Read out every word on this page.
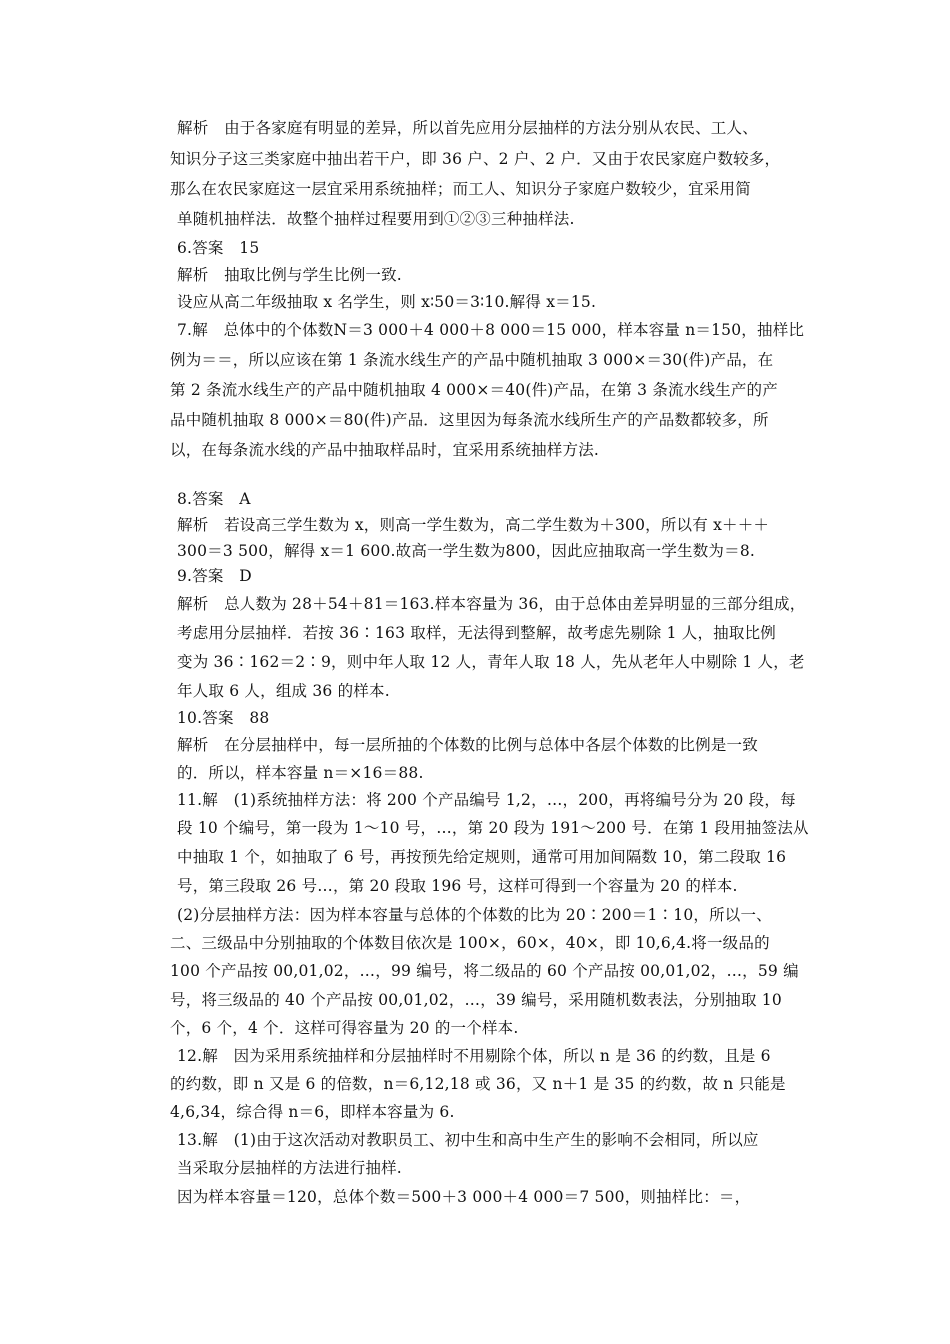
解析　由于各家庭有明显的差异，所以首先应用分层抽样的方法分别从农民、工人、
知识分子这三类家庭中抽出若干户，即 36 户、2 户、2 户．又由于农民家庭户数较多，
那么在农民家庭这一层宜采用系统抽样；而工人、知识分子家庭户数较少，宜采用简
单随机抽样法．故整个抽样过程要用到①②③三种抽样法.
6.答案　15
解析　抽取比例与学生比例一致.
设应从高二年级抽取 x 名学生，则 x∶50＝3∶10.解得 x＝15.
7.解　总体中的个体数N＝3 000＋4 000＋8 000＝15 000，样本容量 n＝150，抽样比
例为＝＝，所以应该在第 1 条流水线生产的产品中随机抽取 3 000×＝30(件)产品，在
第 2 条流水线生产的产品中随机抽取 4 000×＝40(件)产品，在第 3 条流水线生产的产
品中随机抽取 8 000×＝80(件)产品．这里因为每条流水线所生产的产品数都较多，所
以，在每条流水线的产品中抽取样品时，宜采用系统抽样方法.
8.答案　A
解析　若设高三学生数为 x，则高一学生数为，高二学生数为＋300，所以有 x＋＋＋
300＝3 500，解得 x＝1 600.故高一学生数为800，因此应抽取高一学生数为＝8.
9.答案　D
解析　总人数为 28＋54＋81＝163.样本容量为 36，由于总体由差异明显的三部分组成，
考虑用分层抽样．若按 36∶163 取样，无法得到整解，故考虑先剔除 1 人，抽取比例
变为 36∶162＝2∶9，则中年人取 12 人，青年人取 18 人，先从老年人中剔除 1 人，老
年人取 6 人，组成 36 的样本.
10.答案　88
解析　在分层抽样中，每一层所抽的个体数的比例与总体中各层个体数的比例是一致
的．所以，样本容量 n＝×16＝88.
11.解　(1)系统抽样方法：将 200 个产品编号 1,2，…，200，再将编号分为 20 段，每
段 10 个编号，第一段为 1～10 号，…，第 20 段为 191～200 号．在第 1 段用抽签法从
中抽取 1 个，如抽取了 6 号，再按预先给定规则，通常可用加间隔数 10，第二段取 16
号，第三段取 26 号…，第 20 段取 196 号，这样可得到一个容量为 20 的样本.
(2)分层抽样方法：因为样本容量与总体的个体数的比为 20∶200＝1∶10，所以一、
二、三级品中分别抽取的个体数目依次是 100×，60×，40×，即 10,6,4.将一级品的
100 个产品按 00,01,02，…，99 编号，将二级品的 60 个产品按 00,01,02，…，59 编
号，将三级品的 40 个产品按 00,01,02，…，39 编号，采用随机数表法，分别抽取 10
个，6 个，4 个．这样可得容量为 20 的一个样本.
12.解　因为采用系统抽样和分层抽样时不用剔除个体，所以 n 是 36 的约数，且是 6
的约数，即 n 又是 6 的倍数，n＝6,12,18 或 36，又 n＋1 是 35 的约数，故 n 只能是
4,6,34，综合得 n＝6，即样本容量为 6.
13.解　(1)由于这次活动对教职员工、初中生和高中生产生的影响不会相同，所以应
当采取分层抽样的方法进行抽样.
因为样本容量＝120，总体个数＝500＋3 000＋4 000＝7 500，则抽样比：＝，
